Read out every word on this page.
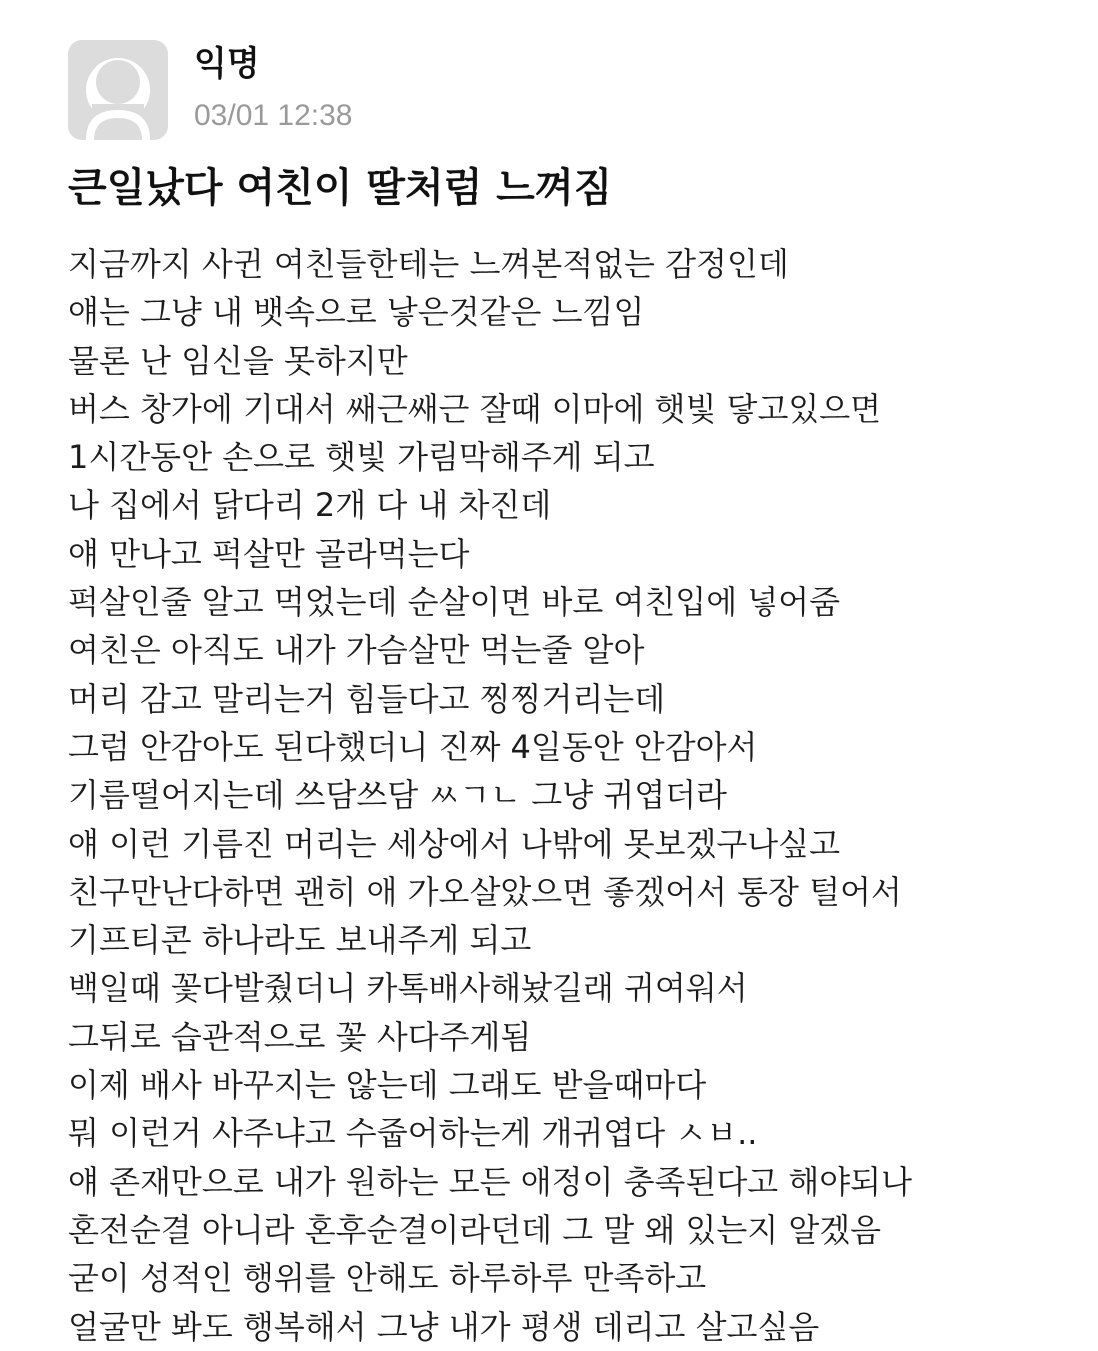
익명
03/01 12:38
큰일났다 여친이 딸처럼 느껴짐
지금까지 사귄 여친들한테는 느껴본적없는 감정인데
얘는 그냥 내 뱃속으로 낳은것같은 느낌임
물론 난 임신을 못하지만
버스 창가에 기대서 쌔근쌔근 잘때 이마에 햇빛 닿고있으면
1시간동안 손으로 햇빛 가림막해주게 되고
나 집에서 닭다리 2개 다 내 차진데
얘 만나고 퍽살만 골라먹는다
퍽살인줄 알고 먹었는데 순살이면 바로 여친입에 넣어줌
여친은 아직도 내가 가슴살만 먹는줄 알아
머리 감고 말리는거 힘들다고 찡찡거리는데
그럼 안감아도 된다했더니 진짜 4일동안 안감아서
기름떨어지는데 쓰담쓰담 ㅆㄱㄴ 그냥 귀엽더라
얘 이런 기름진 머리는 세상에서 나밖에 못보겠구나싶고
친구만난다하면 괜히 애 가오살았으면 좋겠어서 통장 털어서
기프티콘 하나라도 보내주게 되고
백일때 꽃다발줬더니 카톡배사해놨길래 귀여워서
그뒤로 습관적으로 꽃 사다주게됨
이제 배사 바꾸지는 않는데 그래도 받을때마다
뭐 이런거 사주냐고 수줍어하는게 개귀엽다 ㅅㅂ..
얘 존재만으로 내가 원하는 모든 애정이 충족된다고 해야되나
혼전순결 아니라 혼후순결이라던데 그 말 왜 있는지 알겠음
굳이 성적인 행위를 안해도 하루하루 만족하고
얼굴만 봐도 행복해서 그냥 내가 평생 데리고 살고싶음
